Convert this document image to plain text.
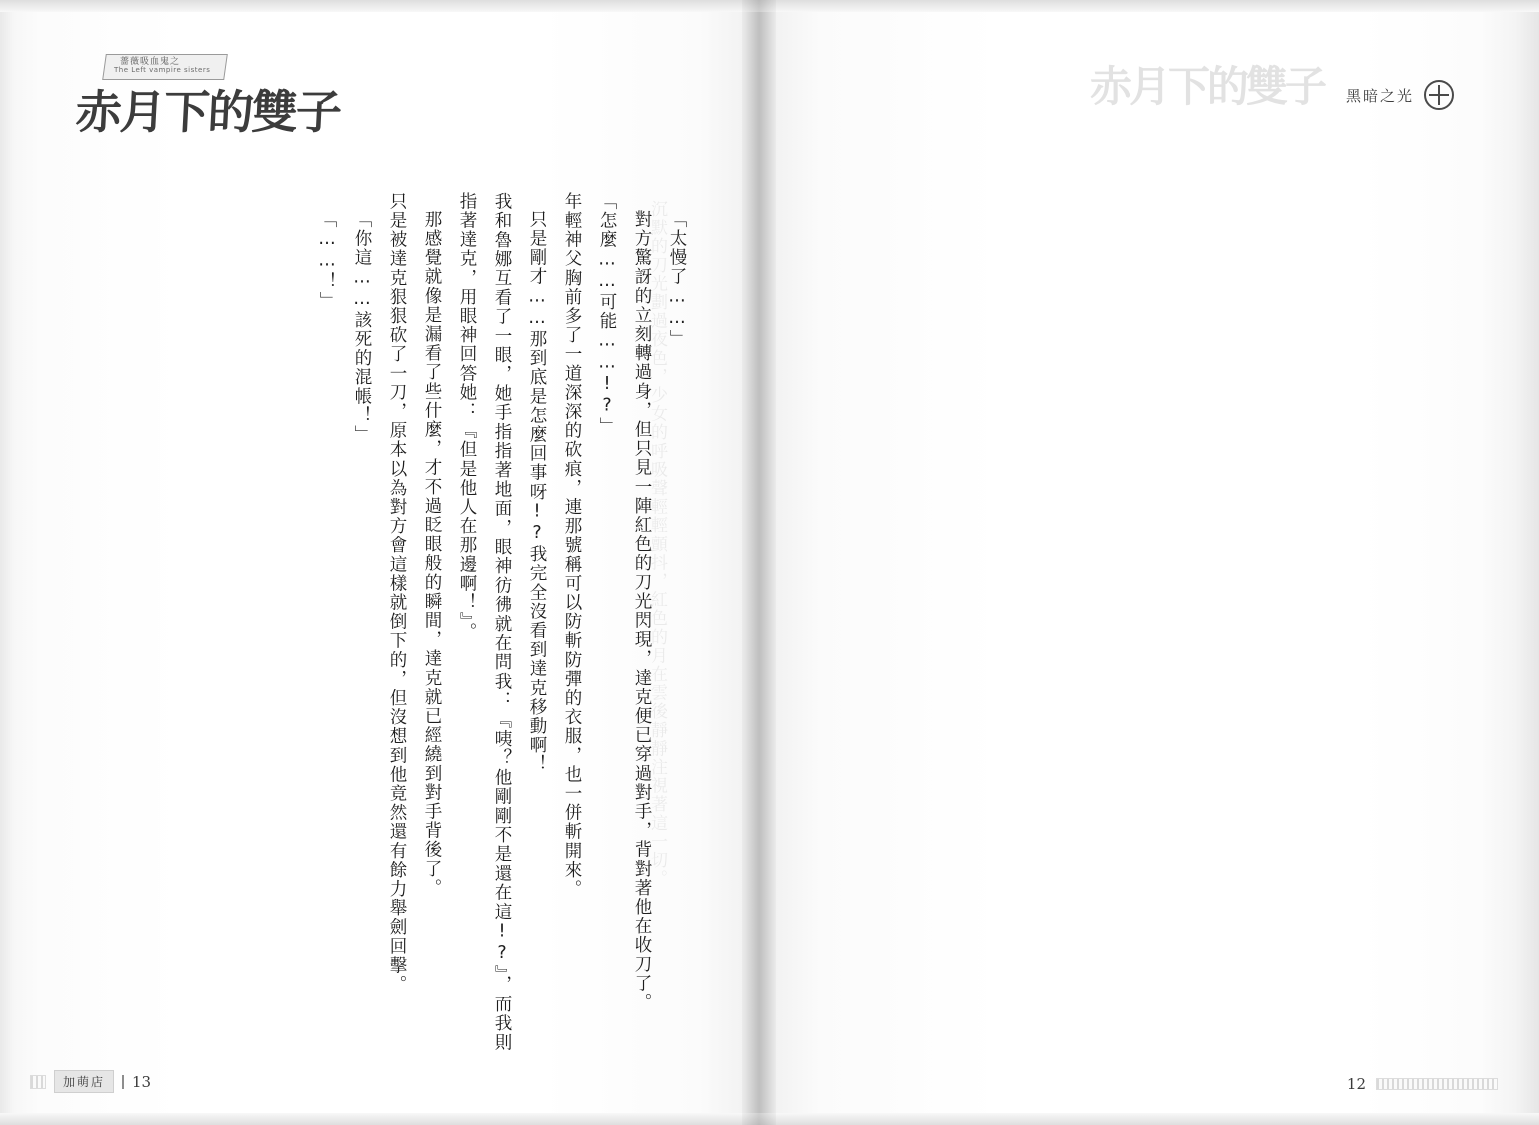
赤月下的雙子 黑暗之光

12
薔薇吸血鬼之
The Left vampire sisters
赤月下的雙子
沉默的刀光劃過夜色，少女的呼吸聲輕輕顫抖，紅色的月在雲後靜靜注視著這一切。 「太慢了……」

對方驚訝的立刻轉過身，但只見一陣紅色的刀光閃現，達克便已穿過對手，背對著他在收刀了。

「怎麼……可能……!?」

年輕神父胸前多了一道深深的砍痕，連那號稱可以防斬防彈的衣服，也一併斬開來。

只是剛才……那到底是怎麼回事呀!?我完全沒看到達克移動啊！

我和魯娜互看了一眼，她手指指著地面，眼神彷彿就在問我：『咦？他剛剛不是還在這!?』，而我則指著達克，用眼神回答她：『但是他人在那邊啊！』。

那感覺就像是漏看了些什麼，才不過眨眼般的瞬間，達克就已經繞到對手背後了。

只是被達克狠狠砍了一刀，原本以為對方會這樣就倒下的，但沒想到他竟然還有餘力舉劍回擊。

「你這……該死的混帳！」

「……！」

加萌店	13
